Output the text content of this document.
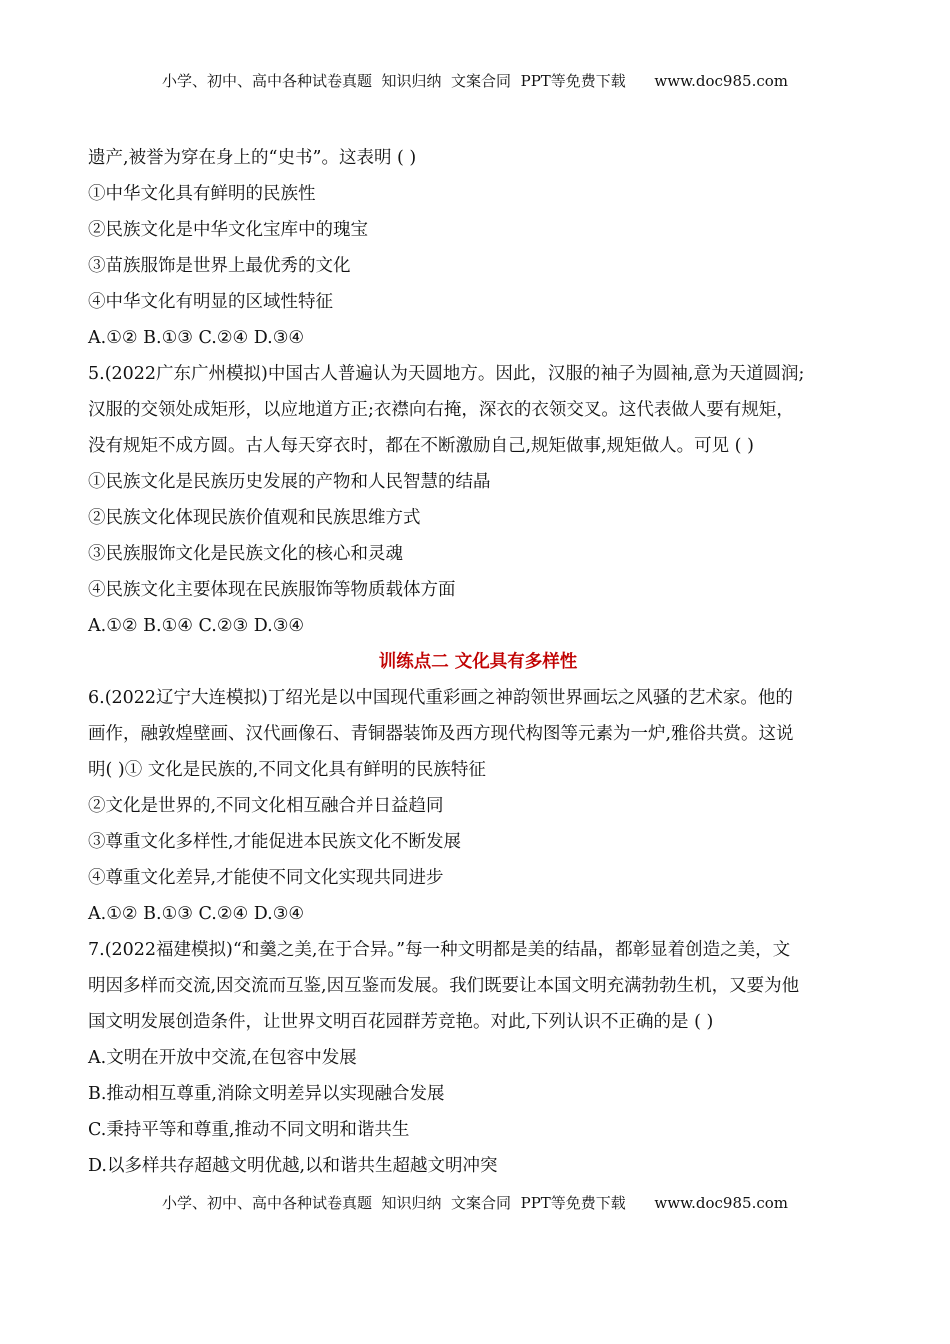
小学、初中、高中各种试卷真题  知识归纳  文案合同  PPT等免费下载      www.doc985.com
遗产,被誉为穿在身上的“史书”。这表明 ( )
①中华文化具有鲜明的民族性
②民族文化是中华文化宝库中的瑰宝
③苗族服饰是世界上最优秀的文化
④中华文化有明显的区域性特征
A.①② B.①③ C.②④ D.③④
5.(2022广东广州模拟)中国古人普遍认为天圆地方。因此，汉服的袖子为圆袖,意为天道圆润;
汉服的交领处成矩形，以应地道方正;衣襟向右掩，深衣的衣领交叉。这代表做人要有规矩，
没有规矩不成方圆。古人每天穿衣时，都在不断激励自己,规矩做事,规矩做人。可见 ( )
①民族文化是民族历史发展的产物和人民智慧的结晶
②民族文化体现民族价值观和民族思维方式
③民族服饰文化是民族文化的核心和灵魂
④民族文化主要体现在民族服饰等物质载体方面
A.①② B.①④ C.②③ D.③④
训练点二 文化具有多样性
6.(2022辽宁大连模拟)丁绍光是以中国现代重彩画之神韵领世界画坛之风骚的艺术家。他的
画作，融敦煌壁画、汉代画像石、青铜器装饰及西方现代构图等元素为一炉,雅俗共赏。这说
明( )① 文化是民族的,不同文化具有鲜明的民族特征
②文化是世界的,不同文化相互融合并日益趋同
③尊重文化多样性,才能促进本民族文化不断发展
④尊重文化差异,才能使不同文化实现共同进步
A.①② B.①③ C.②④ D.③④
7.(2022福建模拟)“和羹之美,在于合异。”每一种文明都是美的结晶，都彰显着创造之美，文
明因多样而交流,因交流而互鉴,因互鉴而发展。我们既要让本国文明充满勃勃生机，又要为他
国文明发展创造条件，让世界文明百花园群芳竞艳。对此,下列认识不正确的是 ( )
A.文明在开放中交流,在包容中发展
B.推动相互尊重,消除文明差异以实现融合发展
C.秉持平等和尊重,推动不同文明和谐共生
D.以多样共存超越文明优越,以和谐共生超越文明冲突
小学、初中、高中各种试卷真题  知识归纳  文案合同  PPT等免费下载      www.doc985.com
